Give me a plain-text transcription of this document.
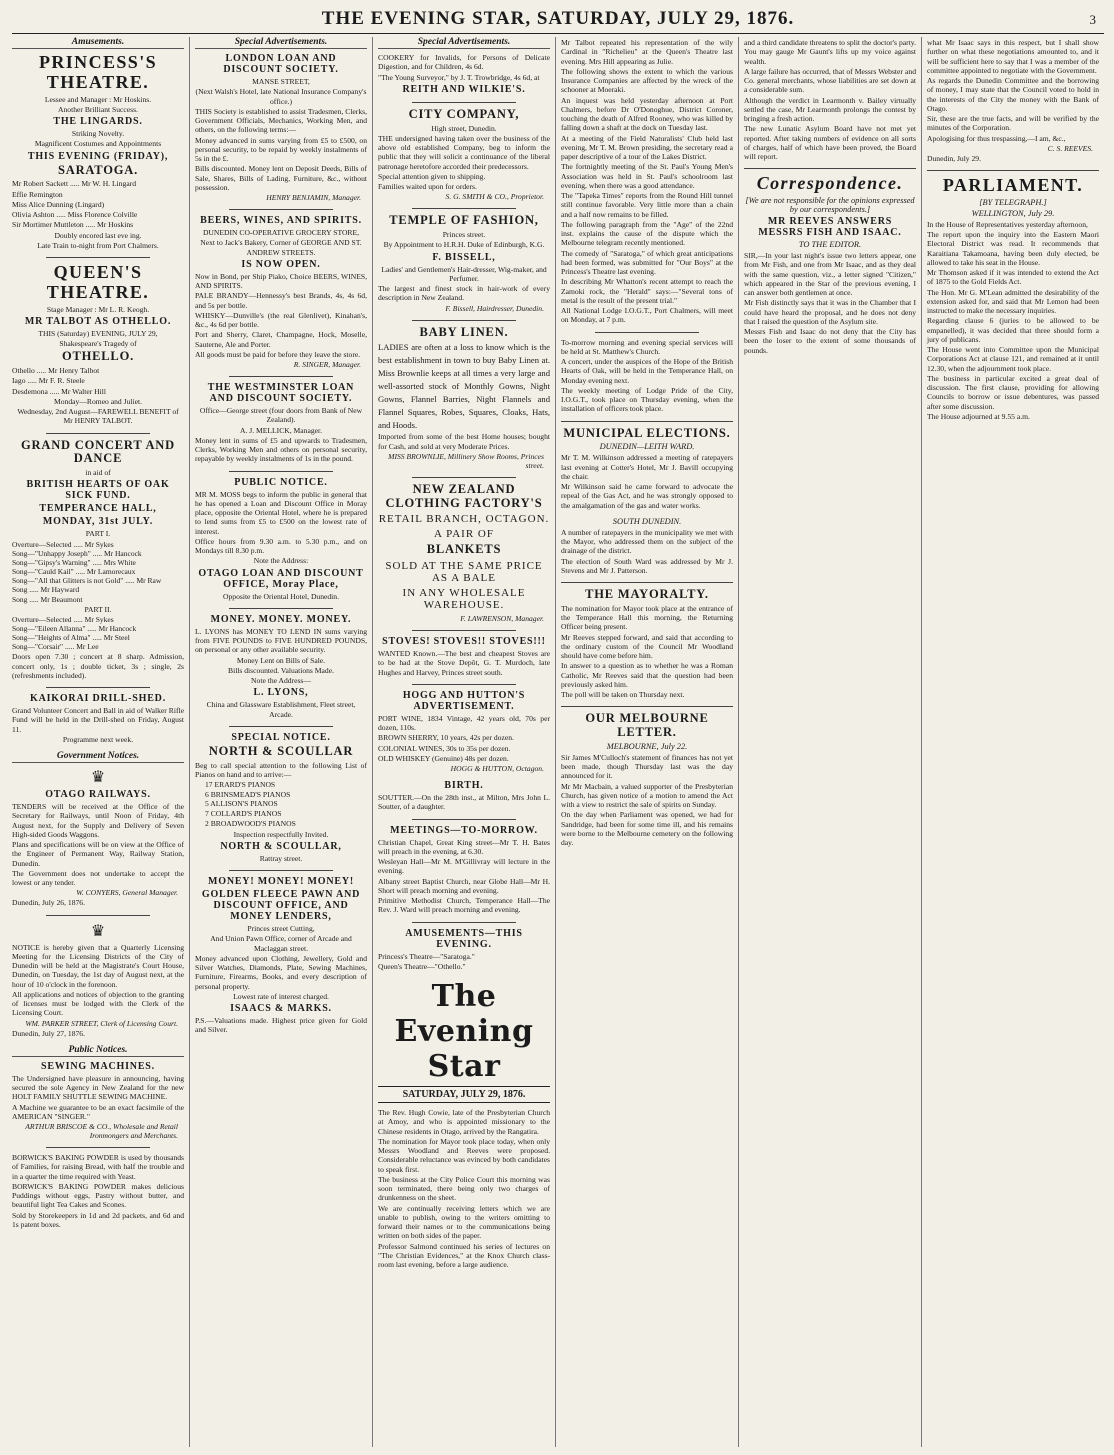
THE EVENING STAR, SATURDAY, JULY 29, 1876.	3
Amusements.
PRINCESS'S THEATRE.
Lessee and Manager : Mr Hoskins.
Another Brilliant Success.
THE LINGARDS.
Striking Novelty.
Magnificent Costumes and Appointments
THIS EVENING (FRIDAY),
SARATOGA.
Mr Robert Sackett ..... Mr W. H. Lingard
Effie Remington
Miss Alice Dunning (Lingard)
Olivia Ashton ..... Miss Florence Colville
Sir Mortimer Muttleton ..... Mr Hoskins
Doubly encored last eve ing.
Late Train to-night from Port Chalmers.
QUEEN'S THEATRE.
Stage Manager : Mr L. R. Keogh.
MR TALBOT AS OTHELLO.
THIS (Saturday) EVENING, JULY 29,
Shakespeare's Tragedy of
OTHELLO.
Othello ..... Mr Henry Talbot
Iago ..... Mr F. R. Steele
Desdemona ..... Mr Walter Hill
Monday—Romeo and Juliet.
Wednesday, 2nd August—FAREWELL BENEFIT of Mr HENRY TALBOT.
GRAND CONCERT AND DANCE
in aid of
BRITISH HEARTS OF OAK SICK FUND.
TEMPERANCE HALL,
MONDAY, 31st JULY.
PART I.
Overture—Selected ..... Mr Sykes
Song—"Unhappy Joseph" ..... Mr Hancock
Song—"Gipsy's Warning" ..... Mrs White
Song—"Cauld Kail" ..... Mr Lamorecaux
Song—"All that Glitters is not Gold" ..... Mr Raw
Song ..... Mr Hayward
Song ..... Mr Beaumont
PART II.
Overture—Selected ..... Mr Sykes
Song—"Eileen Allanna" ..... Mr Hancock
Song—"Heights of Alma" ..... Mr Steel
Song—"Corsair" ..... Mr Lee
Doors open 7.30 ; concert at 8 sharp. Admission, concert only, 1s ; double ticket, 3s ; single, 2s (refreshments included).
KAIKORAI DRILL-SHED.
Grand Volunteer Concert and Ball in aid of Walker Rifle Fund will be held in the Drill-shed on Friday, August 11.
Programme next week.
Government Notices.
♛
OTAGO RAILWAYS.
TENDERS will be received at the Office of the Secretary for Railways, until Noon of Friday, 4th August next, for the Supply and Delivery of Seven High-sided Goods Waggons.
Plans and specifications will be on view at the Office of the Engineer of Permanent Way, Railway Station, Dunedin.
The Government does not undertake to accept the lowest or any tender.
W. CONYERS, General Manager.
Dunedin, July 26, 1876.
♛
NOTICE is hereby given that a Quarterly Licensing Meeting for the Licensing Districts of the City of Dunedin will be held at the Magistrate's Court House, Dunedin, on Tuesday, the 1st day of August next, at the hour of 10 o'clock in the forenoon.
All applications and notices of objection to the granting of licenses must be lodged with the Clerk of the Licensing Court.
WM. PARKER STREET, Clerk of Licensing Court.
Dunedin, July 27, 1876.
Public Notices.
SEWING MACHINES.
The Undersigned have pleasure in announcing, having secured the sole Agency in New Zealand for the new HOLT FAMILY SHUTTLE SEWING MACHINE.
A Machine we guarantee to be an exact facsimile of the AMERICAN "SINGER."
ARTHUR BRISCOE & CO., Wholesale and Retail Ironmongers and Merchants.
BORWICK'S BAKING POWDER is used by thousands of Families, for raising Bread, with half the trouble and in a quarter the time required with Yeast.
BORWICK'S BAKING POWDER makes delicious Puddings without eggs, Pastry without butter, and beautiful light Tea Cakes and Scones.
Sold by Storekeepers in 1d and 2d packets, and 6d and 1s patent boxes.
Special Advertisements.
LONDON LOAN AND DISCOUNT SOCIETY.
MANSE STREET,
(Next Walsh's Hotel, late National Insurance Company's office.)
THIS Society is established to assist Tradesmen, Clerks, Government Officials, Mechanics, Working Men, and others, on the following terms:—
Money advanced in sums varying from £5 to £500, on personal security, to be repaid by weekly instalments of 5s in the £.
Bills discounted. Money lent on Deposit Deeds, Bills of Sale, Shares, Bills of Lading, Furniture, &c., without possession.
HENRY BENJAMIN, Manager.
BEERS, WINES, AND SPIRITS.
DUNEDIN CO-OPERATIVE GROCERY STORE,
Next to Jack's Bakery, Corner of GEORGE AND ST. ANDREW STREETS.
IS NOW OPEN.
Now in Bond, per Ship Piako, Choice BEERS, WINES, AND SPIRITS.
PALE BRANDY—Hennessy's best Brands, 4s, 4s 6d, and 5s per bottle.
WHISKY—Dunville's (the real Glenlivet), Kinahan's, &c., 4s 6d per bottle.
Port and Sherry, Claret, Champagne, Hock, Moselle, Sauterne, Ale and Porter.
All goods must be paid for before they leave the store.
R. SINGER, Manager.
THE WESTMINSTER LOAN AND DISCOUNT SOCIETY.
Office—George street (four doors from Bank of New Zealand).
A. J. MELLICK, Manager.
Money lent in sums of £5 and upwards to Tradesmen, Clerks, Working Men and others on personal security, repayable by weekly instalments of 1s in the pound.
PUBLIC NOTICE.
MR M. MOSS begs to inform the public in general that he has opened a Loan and Discount Office in Moray place, opposite the Oriental Hotel, where he is prepared to lend sums from £5 to £500 on the lowest rate of interest.
Office hours from 9.30 a.m. to 5.30 p.m., and on Mondays till 8.30 p.m.
Note the Address:
OTAGO LOAN AND DISCOUNT OFFICE, Moray Place,
Opposite the Oriental Hotel, Dunedin.
MONEY. MONEY. MONEY.
L. LYONS has MONEY TO LEND IN sums varying from FIVE POUNDS to FIVE HUNDRED POUNDS, on personal or any other available security.
Money Lent on Bills of Sale.
Bills discounted. Valuations Made.
Note the Address—
L. LYONS,
China and Glassware Establishment, Fleet street, Arcade.
SPECIAL NOTICE.
NORTH & SCOULLAR
Beg to call special attention to the following List of Pianos on hand and to arrive:—
17 ERARD'S PIANOS
6 BRINSMEAD'S PIANOS
5 ALLISON'S PIANOS
7 COLLARD'S PIANOS
2 BROADWOOD'S PIANOS
Inspection respectfully Invited.
NORTH & SCOULLAR,
Rattray street.
MONEY! MONEY! MONEY!
GOLDEN FLEECE PAWN AND DISCOUNT OFFICE, AND MONEY LENDERS,
Princes street Cutting,
And Union Pawn Office, corner of Arcade and Maclaggan street.
Money advanced upon Clothing, Jewellery, Gold and Silver Watches, Diamonds, Plate, Sewing Machines, Furniture, Firearms, Books, and every description of personal property.
Lowest rate of interest charged.
ISAACS & MARKS.
P.S.—Valuations made. Highest price given for Gold and Silver.
Special Advertisements.
COOKERY for Invalids, for Persons of Delicate Digestion, and for Children, 4s 6d.
"The Young Surveyor," by J. T. Trowbridge, 4s 6d, at
REITH AND WILKIE'S.
CITY COMPANY,
High street, Dunedin.
THE undersigned having taken over the business of the above old established Company, beg to inform the public that they will solicit a continuance of the liberal patronage heretofore accorded their predecessors.
Special attention given to shipping.
Families waited upon for orders.
S. G. SMITH & CO., Proprietor.
TEMPLE OF FASHION,
Princes street.
By Appointment to H.R.H. Duke of Edinburgh, K.G.
F. BISSELL,
Ladies' and Gentlemen's Hair-dresser, Wig-maker, and Perfumer.
The largest and finest stock in hair-work of every description in New Zealand.
F. Bissell, Hairdresser, Dunedin.
BABY LINEN.
LADIES are often at a loss to know which is the best establishment in town to buy Baby Linen at. Miss Brownlie keeps at all times a very large and well-assorted stock of Monthly Gowns, Night Gowns, Flannel Barries, Night Flannels and Flannel Squares, Robes, Squares, Cloaks, Hats, and Hoods.
Imported from some of the best Home houses; bought for Cash, and sold at very Moderate Prices.
MISS BROWNLIE, Millinery Show Rooms, Princes street.
NEW ZEALAND CLOTHING FACTORY'S
RETAIL BRANCH, OCTAGON.
A PAIR OF
BLANKETS
SOLD AT THE SAME PRICE AS A BALE
IN ANY WHOLESALE WAREHOUSE.
F. LAWRENSON, Manager.
STOVES! STOVES!! STOVES!!!
WANTED Known.—The best and cheapest Stoves are to be had at the Stove Depôt, G. T. Murdoch, late Hughes and Harvey, Princes street south.
HOGG AND HUTTON'S ADVERTISEMENT.
PORT WINE, 1834 Vintage, 42 years old, 70s per dozen, 110s.
BROWN SHERRY, 10 years, 42s per dozen.
COLONIAL WINES, 30s to 35s per dozen.
OLD WHISKEY (Genuine) 48s per dozen.
HOGG & HUTTON, Octagon.
BIRTH.
SOUTTER.—On the 28th inst., at Milton, Mrs John L. Soutter, of a daughter.
MEETINGS—TO-MORROW.
Christian Chapel, Great King street—Mr T. H. Bates will preach in the evening, at 6.30.
Wesleyan Hall—Mr M. M'Gillivray will lecture in the evening.
Albany street Baptist Church, near Globe Hall—Mr H. Short will preach morning and evening.
Primitive Methodist Church, Temperance Hall—The Rev. J. Ward will preach morning and evening.
AMUSEMENTS—THIS EVENING.
Princess's Theatre—"Saratoga."
Queen's Theatre—"Othello."
The Evening Star
SATURDAY, JULY 29, 1876.
The Rev. Hugh Cowie, late of the Presbyterian Church at Amoy, and who is appointed missionary to the Chinese residents in Otago, arrived by the Rangatira.
The nomination for Mayor took place today, when only Messrs Woodland and Reeves were proposed. Considerable reluctance was evinced by both candidates to speak first.
The business at the City Police Court this morning was soon terminated, there being only two charges of drunkenness on the sheet.
We are continually receiving letters which we are unable to publish, owing to the writers omitting to forward their names or to the communications being written on both sides of the paper.
Professor Salmond continued his series of lectures on "The Christian Evidences," at the Knox Church class-room last evening, before a large audience.
Mr Talbot repeated his representation of the wily Cardinal in "Richelieu" at the Queen's Theatre last evening. Mrs Hill appearing as Julie.
The following shows the extent to which the various Insurance Companies are affected by the wreck of the schooner at Moeraki.
An inquest was held yesterday afternoon at Port Chalmers, before Dr O'Donoghue, District Coroner, touching the death of Alfred Rooney, who was killed by falling down a shaft at the dock on Tuesday last.
At a meeting of the Field Naturalists' Club held last evening, Mr T. M. Brown presiding, the secretary read a paper descriptive of a tour of the Lakes District.
The fortnightly meeting of the St. Paul's Young Men's Association was held in St. Paul's schoolroom last evening, when there was a good attendance.
The "Tapeka Times" reports from the Round Hill tunnel still continue favorable. Very little more than a chain and a half now remains to be filled.
The following paragraph from the "Age" of the 22nd inst. explains the cause of the dispute which the Melbourne telegram recently mentioned.
The comedy of "Saratoga," of which great anticipations had been formed, was submitted for "Our Boys" at the Princess's Theatre last evening.
In describing Mr Whatton's recent attempt to reach the Zamoki rock, the "Herald" says:—"Several tons of metal is the result of the present trial."
All National Lodge I.O.G.T., Port Chalmers, will meet on Monday, at 7 p.m.
To-morrow morning and evening special services will be held at St. Matthew's Church.
A concert, under the auspices of the Hope of the British Hearts of Oak, will be held in the Temperance Hall, on Monday evening next.
The weekly meeting of Lodge Pride of the City, I.O.G.T., took place on Thursday evening, when the installation of officers took place.
MUNICIPAL ELECTIONS.
DUNEDIN—LEITH WARD.
Mr T. M. Wilkinson addressed a meeting of ratepayers last evening at Cotter's Hotel, Mr J. Bavill occupying the chair.
Mr Wilkinson said he came forward to advocate the repeal of the Gas Act, and he was strongly opposed to the amalgamation of the gas and water works.
SOUTH DUNEDIN.
A number of ratepayers in the municipality we met with the Mayor, who addressed them on the subject of the drainage of the district.
The election of South Ward was addressed by Mr J. Stevens and Mr J. Patterson.
THE MAYORALTY.
The nomination for Mayor took place at the entrance of the Temperance Hall this morning, the Returning Officer being present.
Mr Reeves stepped forward, and said that according to the ordinary custom of the Council Mr Woodland should have come before him.
In answer to a question as to whether he was a Roman Catholic, Mr Reeves said that the question had been previously asked him.
The poll will be taken on Thursday next.
OUR MELBOURNE LETTER.
MELBOURNE, July 22.
Sir James M'Culloch's statement of finances has not yet been made, though Thursday last was the day announced for it.
Mr Mr Macbain, a valued supporter of the Presbyterian Church, has given notice of a motion to amend the Act with a view to restrict the sale of spirits on Sunday.
On the day when Parliament was opened, we had for Sandridge, had been for some time ill, and his remains were borne to the Melbourne cemetery on the following day.
and a third candidate threatens to split the doctor's party. You may gauge Mr Gaunt's lifts up my voice against wealth.
A large failure has occurred, that of Messrs Webster and Co. general merchants, whose liabilities are set down at a considerable sum.
Although the verdict in Learmonth v. Bailey virtually settled the case, Mr Learmonth prolongs the contest by bringing a fresh action.
The new Lunatic Asylum Board have not met yet reported. After taking numbers of evidence on all sorts of charges, half of which have been proved, the Board will report.
Correspondence.
[We are not responsible for the opinions expressed by our correspondents.]
MR REEVES ANSWERS MESSRS FISH AND ISAAC.
TO THE EDITOR.
SIR,—In your last night's issue two letters appear, one from Mr Fish, and one from Mr Isaac, and as they deal with the same question, viz., a letter signed "Citizen," which appeared in the Star of the previous evening, I can answer both gentlemen at once.
Mr Fish distinctly says that it was in the Chamber that I could have heard the proposal, and he does not deny that I raised the question of the Asylum site.
Messrs Fish and Isaac do not deny that the City has been the loser to the extent of some thousands of pounds.
what Mr Isaac says in this respect, but I shall show further on what these negotiations amounted to, and it will be sufficient here to say that I was a member of the committee appointed to negotiate with the Government.
As regards the Dunedin Committee and the borrowing of money, I may state that the Council voted to hold in the interests of the City the money with the Bank of Otago.
Sir, these are the true facts, and will be verified by the minutes of the Corporation.
Apologising for thus trespassing,—I am, &c.,
C. S. REEVES.
Dunedin, July 29.
PARLIAMENT.
[BY TELEGRAPH.]
WELLINGTON, July 29.
In the House of Representatives yesterday afternoon,
The report upon the inquiry into the Eastern Maori Electoral District was read. It recommends that Karaitiana Takamoana, having been duly elected, be allowed to take his seat in the House.
Mr Thomson asked if it was intended to extend the Act of 1875 to the Gold Fields Act.
The Hon. Mr G. M'Lean admitted the desirability of the extension asked for, and said that Mr Lemon had been instructed to make the necessary inquiries.
Regarding clause 6 (juries to be allowed to be empanelled), it was decided that three should form a jury of publicans.
The House went into Committee upon the Municipal Corporations Act at clause 121, and remained at it until 12.30, when the adjournment took place.
The business in particular excited a great deal of discussion. The first clause, providing for allowing Councils to borrow or issue debentures, was passed after some discussion.
The House adjourned at 9.55 a.m.
